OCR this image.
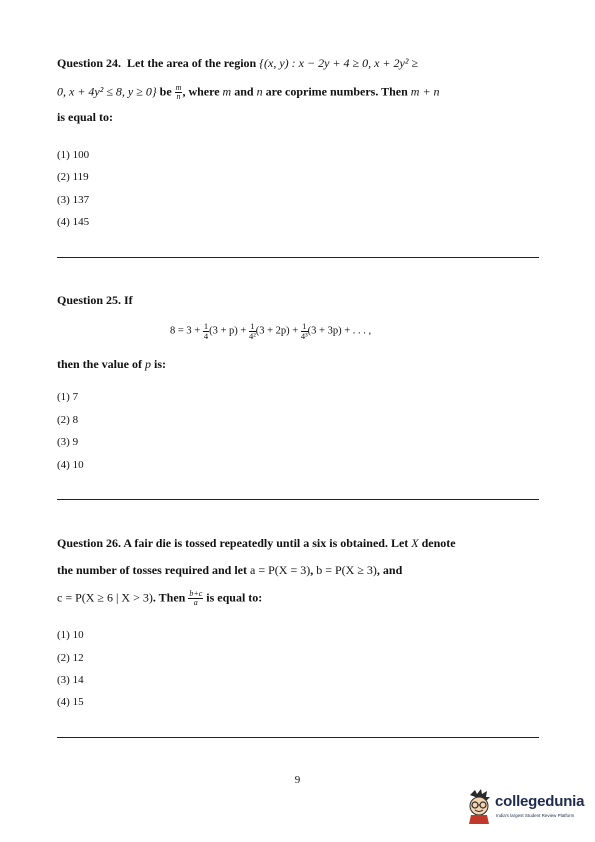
Question 24. Let the area of the region {(x, y) : x − 2y + 4 ≥ 0, x + 2y² ≥
0, x + 4y² ≤ 8, y ≥ 0} be $\frac{m}{n}$ , where m and n are coprime numbers. Then m + n
is equal to:
(1) 100
(2) 119
(3) 137
(4) 145
Question 25. If
then the value of p is:
(1) 7
(2) 8
(3) 9
(4) 10
$8 = 3 + \frac{1}{4} (3 + p) + \frac{1}{\text{4²}} (3 + 2p) + \frac{1}{\text{4³}} (3 + 3p)$ + . . . ,
Question 26. A fair die is tossed repeatedly until a six is obtained. Let X denote
the number of tosses required and let a = P(X = 3), b = P(X ≥ 3), and
c = P(X ≥ 6 | X > 3). Then $\frac{b+c}{a}$ is equal to:
(1) 10
(2) 12
(3) 14
(4) 15
9
collegedunia
India's largest Student Review Platform
